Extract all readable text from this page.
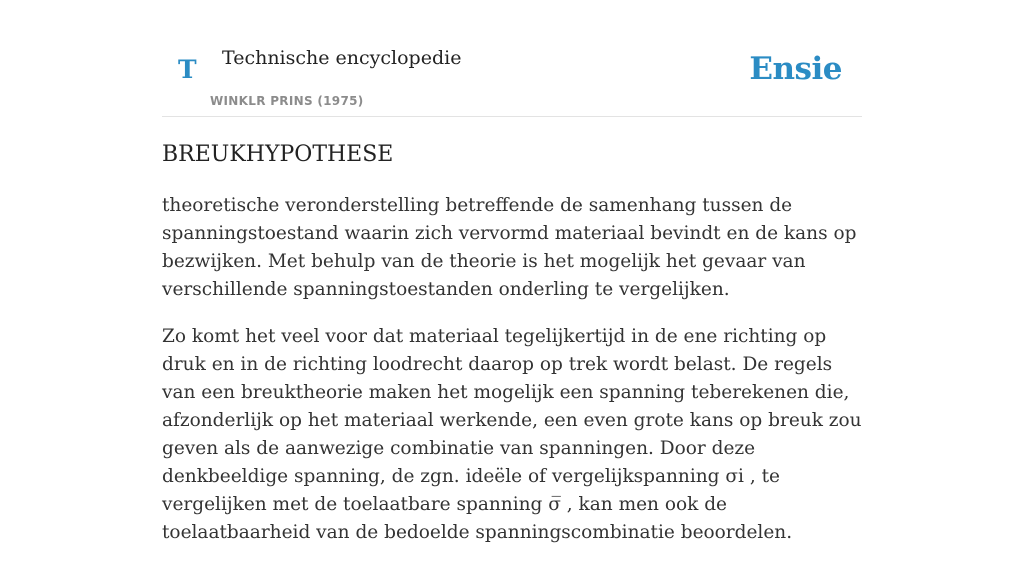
T Technische encyclopedie
WINKLR PRINS (1975)
Ensie
BREUKHYPOTHESE

theoretische veronderstelling betreffende de samenhang tussen de spanningstoestand waarin zich vervormd materiaal bevindt en de kans op bezwijken. Met behulp van de theorie is het mogelijk het gevaar van verschillende spanningstoestanden onderling te vergelijken.

Zo komt het veel voor dat materiaal tegelijkertijd in de ene richting op druk en in de richting loodrecht daarop op trek wordt belast. De regels van een breuktheorie maken het mogelijk een spanning teberekenen die, afzonderlijk op het materiaal werkende, een even grote kans op breuk zou geven als de aanwezige combinatie van spanningen. Door deze denkbeeldige spanning, de zgn. ideële of vergelijkspanning σi , te vergelijken met de toelaatbare spanning σ̅ , kan men ook de toelaatbaarheid van de bedoelde spanningscombinatie beoordelen.
